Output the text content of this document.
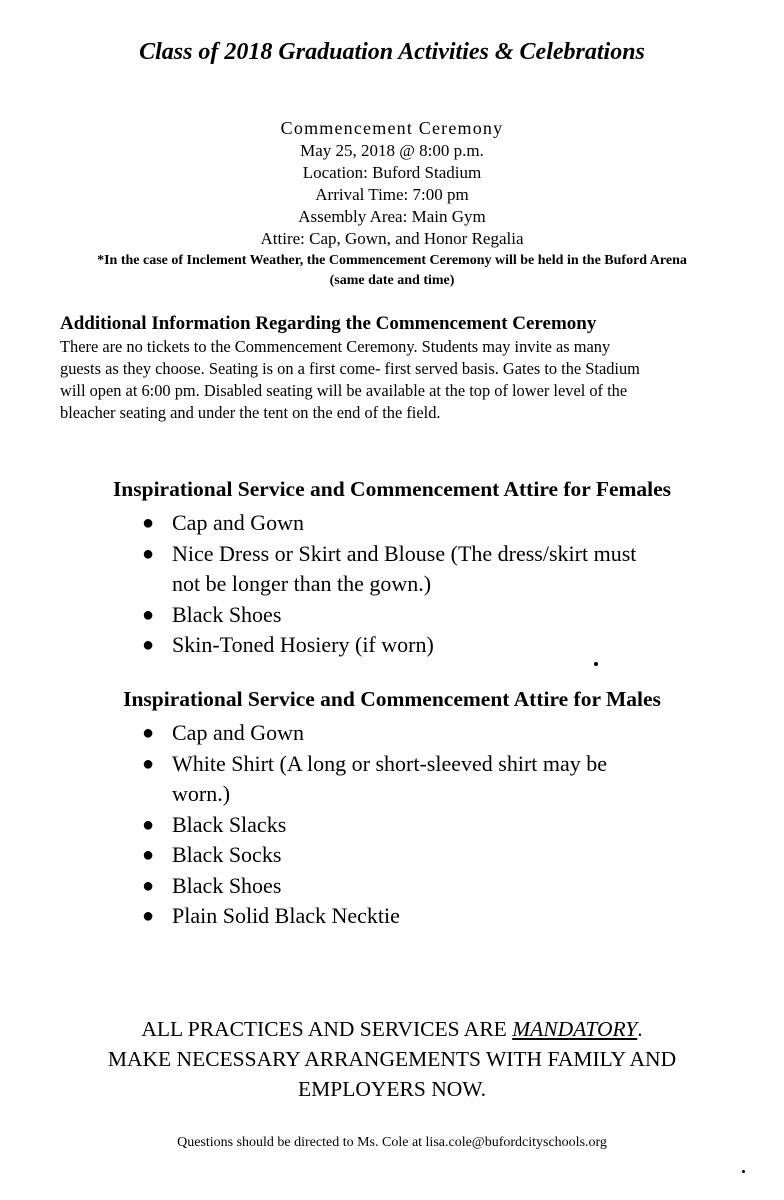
Class of 2018 Graduation Activities & Celebrations
Commencement Ceremony
May 25, 2018 @ 8:00 p.m.
Location: Buford Stadium
Arrival Time: 7:00 pm
Assembly Area: Main Gym
Attire: Cap, Gown, and Honor Regalia
*In the case of Inclement Weather, the Commencement Ceremony will be held in the Buford Arena
(same date and time)
Additional Information Regarding the Commencement Ceremony
There are no tickets to the Commencement Ceremony. Students may invite as many
guests as they choose. Seating is on a first come- first served basis. Gates to the Stadium
will open at 6:00 pm. Disabled seating will be available at the top of lower level of the
bleacher seating and under the tent on the end of the field.
Inspirational Service and Commencement Attire for Females
● Cap and Gown
● Nice Dress or Skirt and Blouse (The dress/skirt must
not be longer than the gown.)
● Black Shoes
● Skin-Toned Hosiery (if worn)
Inspirational Service and Commencement Attire for Males
● Cap and Gown
● White Shirt (A long or short-sleeved shirt may be
worn.)
● Black Slacks
● Black Socks
● Black Shoes
● Plain Solid Black Necktie
ALL PRACTICES AND SERVICES ARE MANDATORY.
MAKE NECESSARY ARRANGEMENTS WITH FAMILY AND
EMPLOYERS NOW.
Questions should be directed to Ms. Cole at lisa.cole@bufordcityschools.org
